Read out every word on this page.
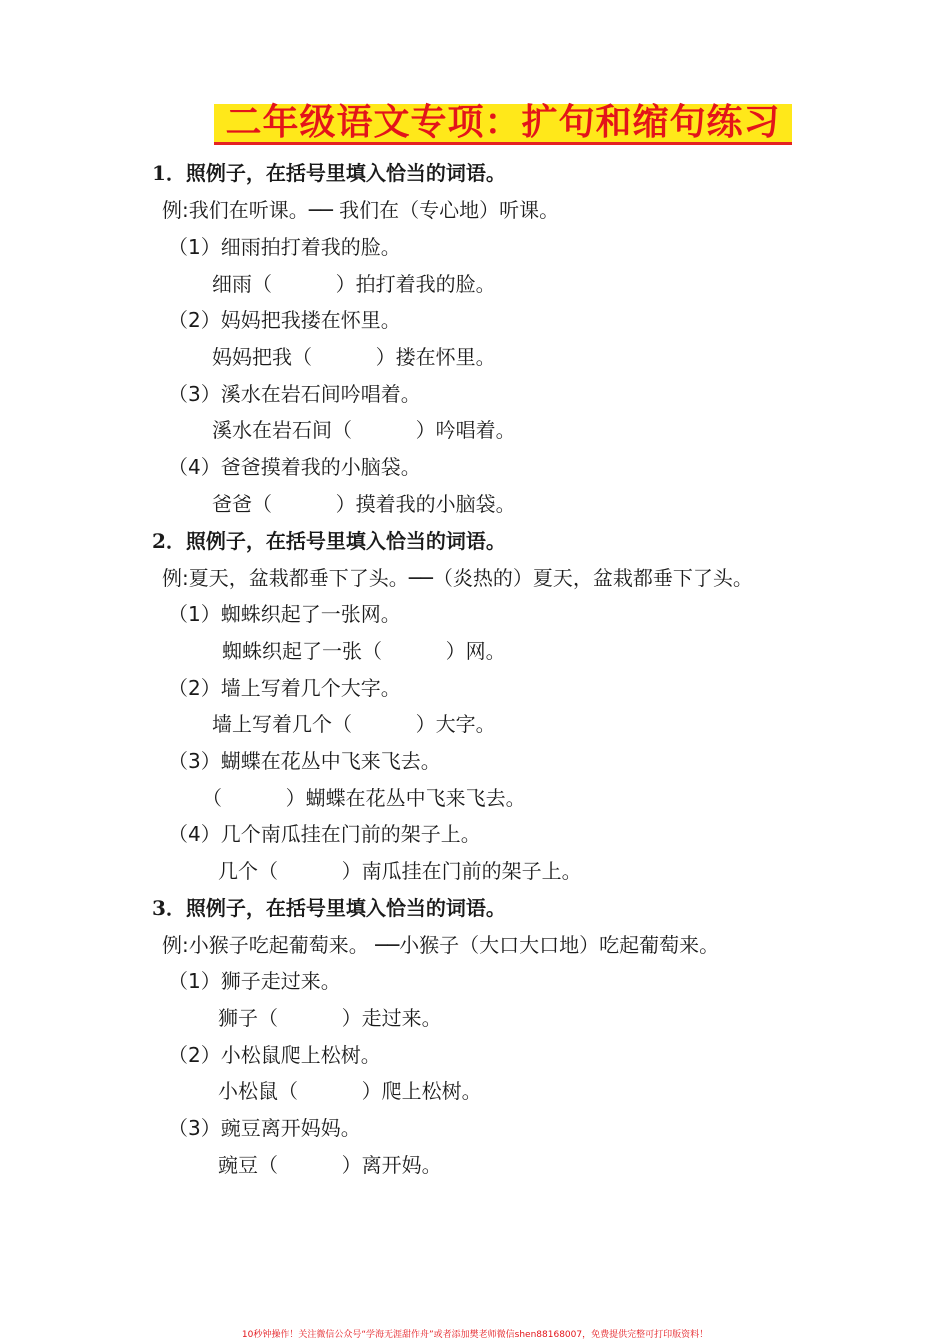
二年级语文专项：扩句和缩句练习
1．照例子，在括号里填入恰当的词语。
例:我们在听课。── 我们在（专心地）听课。
（1）细雨拍打着我的脸。
细雨（          ）拍打着我的脸。
（2）妈妈把我搂在怀里。
妈妈把我（          ）搂在怀里。
（3）溪水在岩石间吟唱着。
溪水在岩石间（          ）吟唱着。
（4）爸爸摸着我的小脑袋。
爸爸（          ）摸着我的小脑袋。
2．照例子，在括号里填入恰当的词语。
例:夏天，盆栽都垂下了头。──（炎热的）夏天，盆栽都垂下了头。
（1）蜘蛛织起了一张网。
蜘蛛织起了一张（          ）网。
（2）墙上写着几个大字。
墙上写着几个（          ）大字。
（3）蝴蝶在花丛中飞来飞去。
（          ）蝴蝶在花丛中飞来飞去。
（4）几个南瓜挂在门前的架子上。
几个（          ）南瓜挂在门前的架子上。
3．照例子，在括号里填入恰当的词语。
例:小猴子吃起葡萄来。 ──小猴子（大口大口地）吃起葡萄来。
（1）狮子走过来。
狮子（          ）走过来。
（2）小松鼠爬上松树。
小松鼠（          ）爬上松树。
（3）豌豆离开妈妈。
豌豆（          ）离开妈。
10秒钟操作！关注微信公众号“学海无涯甜作舟”或者添加樊老师微信shen88168007，免费提供完整可打印版资料！
